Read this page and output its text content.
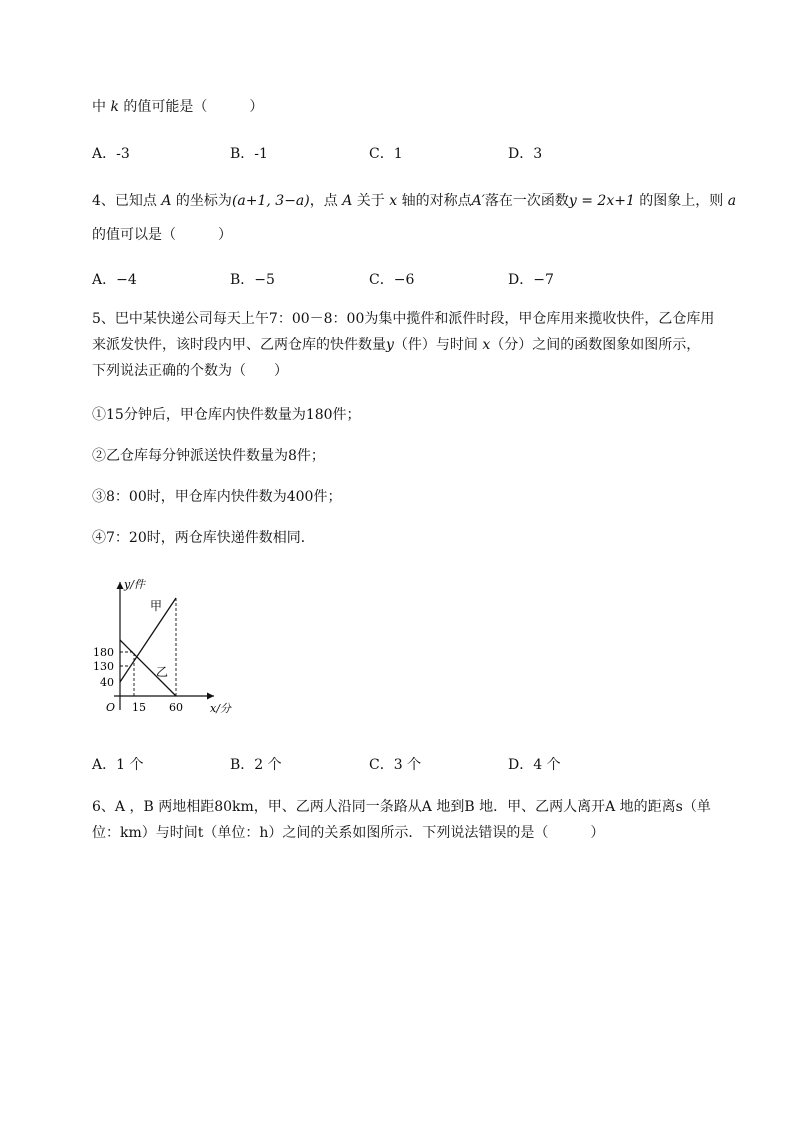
中 k 的值可能是（　　　）
A．-3	B．-1	C．1	D．3
4、已知点 A 的坐标为(a+1, 3−a)，点 A 关于 x 轴的对称点A′落在一次函数y = 2x+1 的图象上，则 a
的值可以是（　　　）
A．−4	B．−5	C．−6	D．−7
5、巴中某快递公司每天上午7：00－8：00为集中揽件和派件时段，甲仓库用来揽收快件，乙仓库用
来派发快件，该时段内甲、乙两仓库的快件数量y（件）与时间 x（分）之间的函数图象如图所示，
下列说法正确的个数为（　　）
①15分钟后，甲仓库内快件数量为180件；
②乙仓库每分钟派送快件数量为8件；
③8：00时，甲仓库内快件数为400件；
④7：20时，两仓库快递件数相同．
40
130
180
15 60
y/件
x/分
O
甲
乙
A．1 个	B．2 个	C．3 个	D．4 个
6、A ，B 两地相距80km，甲、乙两人沿同一条路从A 地到B 地．甲、乙两人离开A 地的距离s（单
位：km）与时间t（单位：h）之间的关系如图所示．下列说法错误的是（　　　）
